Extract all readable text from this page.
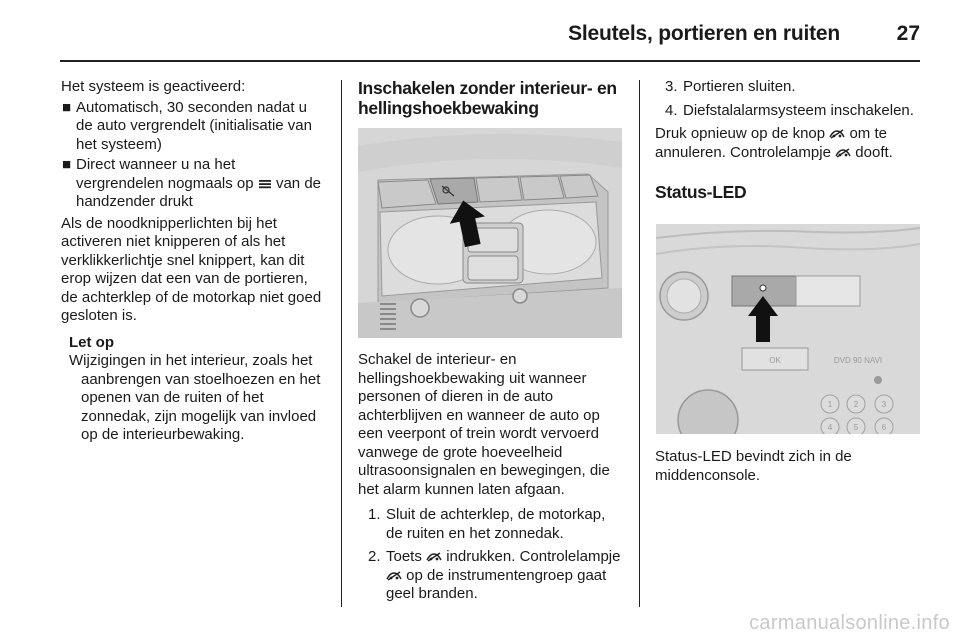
Sleutels, portieren en ruiten	27

Het systeem is geactiveerd:

■ Automatisch, 30 seconden nadat u de auto vergrendelt (initialisatie van het systeem)
■ Direct wanneer u na het vergrendelen nogmaals op van de handzender drukt

Als de noodknipperlichten bij het activeren niet knipperen of als het verklikkerlichtje snel knippert, kan dit erop wijzen dat een van de portieren, de achterklep of de motorkap niet goed gesloten is.

Let op
Wijzigingen in het interieur, zoals het aanbrengen van stoelhoezen en het openen van de ruiten of het zonnedak, zijn mogelijk van invloed op de interieurbewaking.
Inschakelen zonder interieur- en hellingshoekbewaking

Schakel de interieur- en hellingshoekbewaking uit wanneer personen of dieren in de auto achterblijven en wanneer de auto op een veerpont of trein wordt vervoerd vanwege de grote hoeveelheid ultrasoonsignalen en bewegingen, die het alarm kunnen laten afgaan.

1. Sluit de achterklep, de motorkap, de ruiten en het zonnedak.
2. Toets indrukken. Controlelampje
op de instrumentengroep gaat geel branden.
3. Portieren sluiten.
4. Diefstalalarmsysteem inschakelen.

Druk opnieuw op de knop om te annuleren. Controlelampje dooft.

Status-LED
OK	DVD 90 NAVI
1	2	3
4	5	6

Status-LED bevindt zich in de middenconsole.

carmanualsonline.info
